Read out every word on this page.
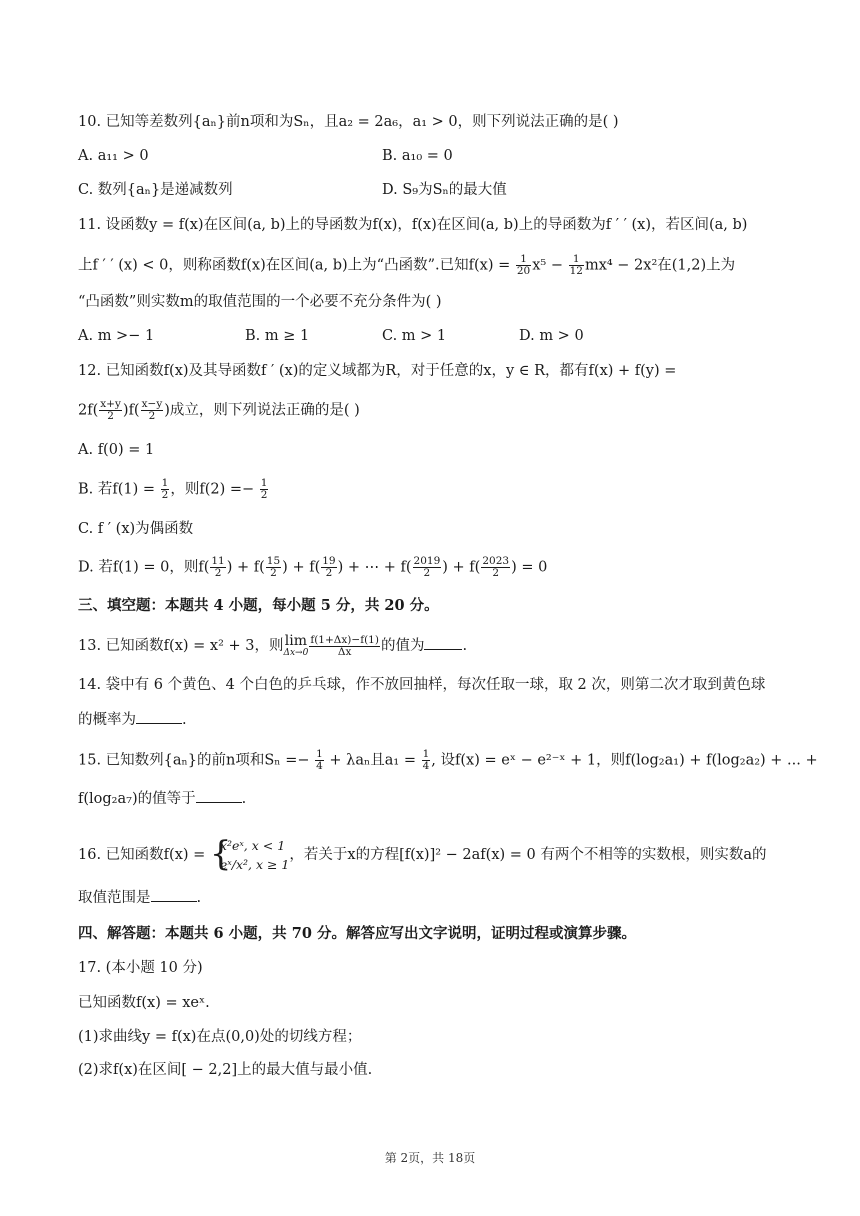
10. 已知等差数列{aₙ}前n项和为Sₙ，且a₂ = 2a₆，a₁ > 0，则下列说法正确的是( )
A. a₁₁ > 0	B. a₁₀ = 0
C. 数列{aₙ}是递减数列	D. S₉为Sₙ的最大值
11. 设函数y = f(x)在区间(a, b)上的导函数为f(x)，f(x)在区间(a, b)上的导函数为f ′ ′ (x)，若区间(a, b)
上f ′ ′ (x) < 0，则称函数f(x)在区间(a, b)上为“凸函数”.已知$f(x) = \frac{1}{20} x^5 - \frac{1}{12} mx^4 - 2x^2$在(1,2)上为
“凸函数”则实数m的取值范围的一个必要不充分条件为( )
A. m >− 1	B. m ≥ 1	C. m > 1	D. m > 0
12. 已知函数f(x)及其导函数f ′ (x)的定义域都为R，对于任意的x，y ∈ R，都有f(x) + f(y) =
$2f( \frac{x+y}{2} )f( \frac{x-y}{2}$ )成立，则下列说法正确的是( )
A. f(0) = 1
B. 若$f(1) = \frac{1}{2}$ ，则$f(2) =- \frac{1}{2}$
C. f ′ (x)为偶函数
D. 若f(1) = 0，则$f( \frac{11}{2}$ ) + $f( \frac{15}{2}$ ) + $f( \frac{19}{2}$ ) + ⋯ + $f( \frac{2019}{2}$ ) + $f( \frac{2023}{2}$ ) = 0
三、填空题：本题共 4 小题，每小题 5 分，共 20 分。
13. 已知函数f(x) = x² + 3，则 lim
$\Delta x\to 0 \frac{f(1+\Delta x)-f(1)}{\Delta x}$ 的值为	.
14. 袋中有 6 个黄色、4 个白色的乒乓球，作不放回抽样，每次任取一球，取 2 次，则第二次才取到黄色球
的概率为	.
15. 已知数列{aₙ}的前n项和$S_n =- \frac{1}{4} + \lambda a_n$且$a_1 = \frac{1}{4}$ , 设f(x) = eˣ − e²⁻ˣ + 1，则f(log₂a₁) + f(log₂a₂) + ... +
f(log₂a₇)的值等于	.
16. 已知函数f(x) = {
x²eˣ, x < 1
eˣ/x², x ≥ 1
，若关于x的方程[f(x)]² − 2af(x) = 0 有两个不相等的实数根，则实数a的
取值范围是	.
四、解答题：本题共 6 小题，共 70 分。解答应写出文字说明，证明过程或演算步骤。
17. (本小题 10 分)
已知函数f(x) = xeˣ.
(1)求曲线y = f(x)在点(0,0)处的切线方程；
(2)求f(x)在区间[ − 2,2]上的最大值与最小值.
第 2页，共 18页
